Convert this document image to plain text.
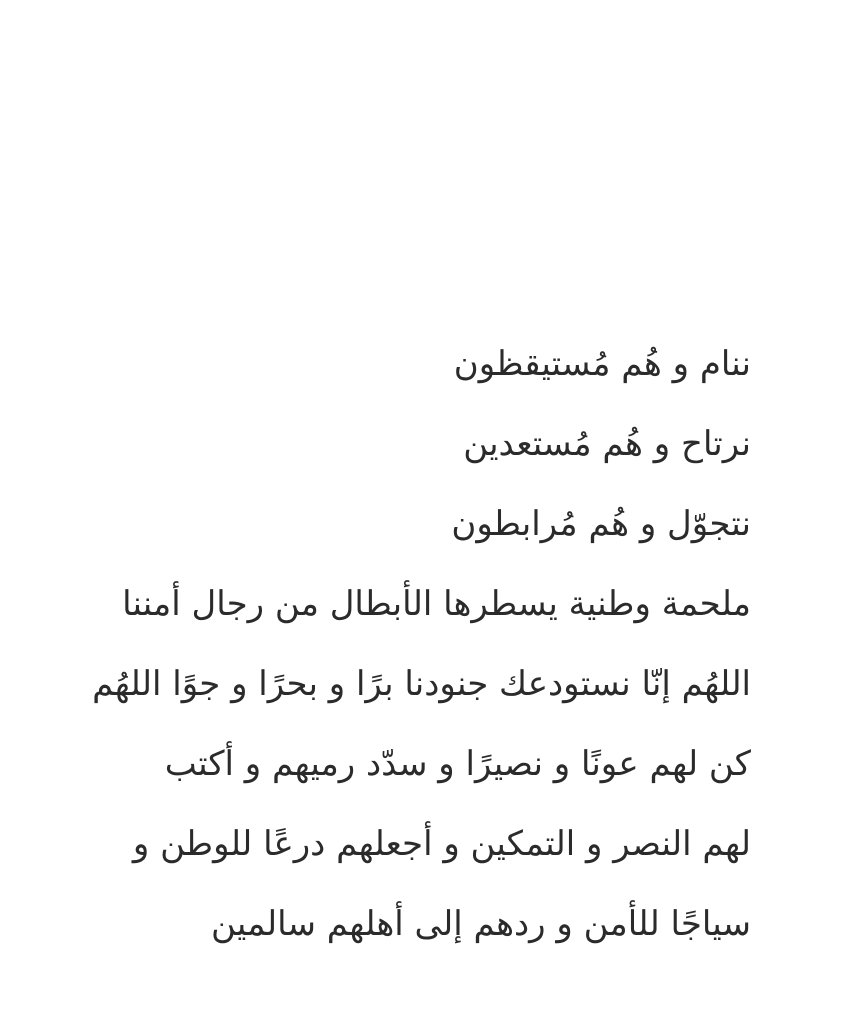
ننام و هُم مُستيقظون
نرتاح و هُم مُستعدين
نتجوّل و هُم مُرابطون
ملحمة وطنية يسطرها الأبطال من رجال أمننا
اللهُم إنّا نستودعك جنودنا برًا و بحرًا و جوًا اللهُم
كن لهم عونًا و نصيرًا و سدّد رميهم و أكتب
لهم النصر و التمكين و أجعلهم درعًا للوطن و
سياجًا للأمن و ردهم إلى أهلهم سالمين
